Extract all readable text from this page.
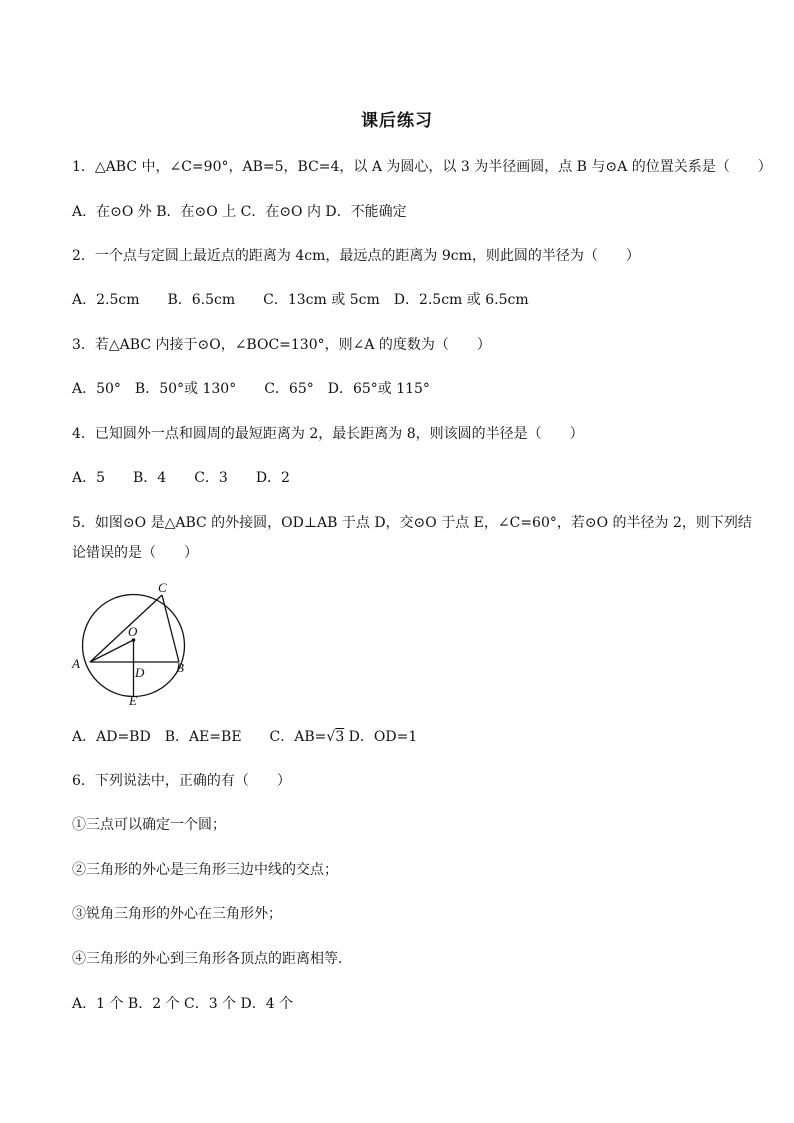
课后练习
1．△ABC 中，∠C=90°，AB=5，BC=4，以 A 为圆心，以 3 为半径画圆，点 B 与⊙A 的位置关系是（　　）
A．在⊙O 外 B．在⊙O 上 C．在⊙O 内 D．不能确定
2．一个点与定圆上最近点的距离为 4cm，最远点的距离为 9cm，则此圆的半径为（　　）
A．2.5cm　　B．6.5cm　　C．13cm 或 5cm　D．2.5cm 或 6.5cm
3．若△ABC 内接于⊙O，∠BOC=130°，则∠A 的度数为（　　）
A．50°　B．50°或 130°　　C．65°　D．65°或 115°
4．已知圆外一点和圆周的最短距离为 2，最长距离为 8，则该圆的半径是（　　）
A．5　　B．4　　C．3　　D．2
5．如图⊙O 是△ABC 的外接圆，OD⊥AB 于点 D，交⊙O 于点 E，∠C=60°，若⊙O 的半径为 2，则下列结
论错误的是（　　）
C
O
A
D B
E
A．AD=BD　B．AE=BE　　C．AB=√3 D．OD=1
6．下列说法中，正确的有（　　）
①三点可以确定一个圆；
②三角形的外心是三角形三边中线的交点；
③锐角三角形的外心在三角形外；
④三角形的外心到三角形各顶点的距离相等．
A．1 个 B．2 个 C．3 个 D．4 个
